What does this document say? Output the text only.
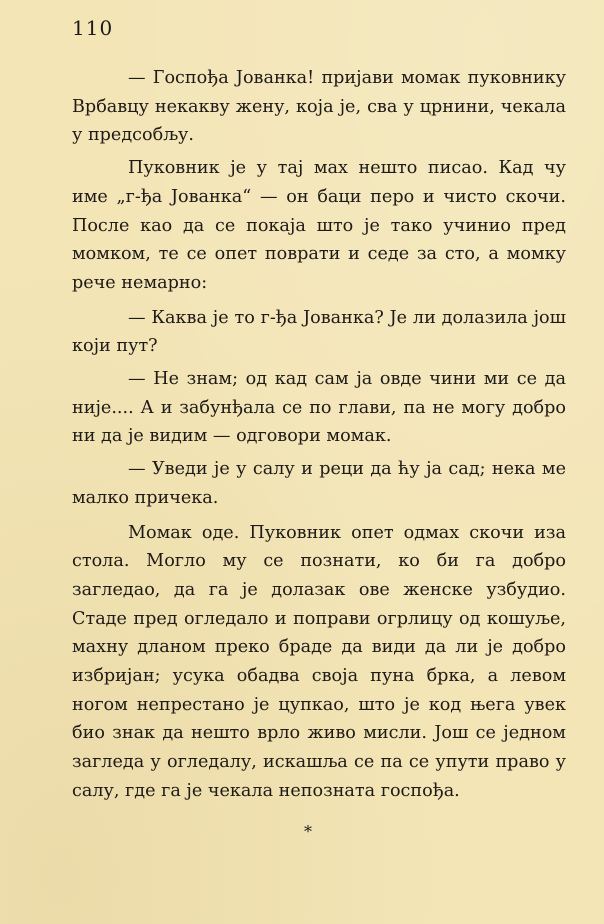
110

— Госпођа Јованка! пријави момак пуковнику Врбавцу некакву жену, која је, сва у црнини, чекала у предсобљу.

Пуковник је у тај мах нешто писао. Кад чу име „г-ђа Јованка“ — он баци перо и чисто скочи. После као да се покаја што је тако учинио пред момком, те се опет поврати и седе за сто, а момку рече немарно:

— Каква је то г-ђа Јованка? Је ли долазила још који пут?

— Не знам; од кад сам ја овде чини ми се да није.... А и забунђала се по глави, па не могу добро ни да је видим — одговори момак.

— Уведи је у салу и реци да ћу ја сад; нека ме малко причека.

Момак оде. Пуковник опет одмах скочи иза стола. Могло му се познати, ко би га добро загледао, да га је долазак ове женске узбудио. Стаде пред огледало и поправи огрлицу од кошуље, махну дланом преко браде да види да ли је добро избријан; усука обадва своја пуна брка, а левом ногом непрестано је цупкао, што је код њега увек био знак да нешто врло живо мисли. Још се једном загледа у огледалу, искашља се па се упути право у салу, где га је чекала непозната госпођа.

*
